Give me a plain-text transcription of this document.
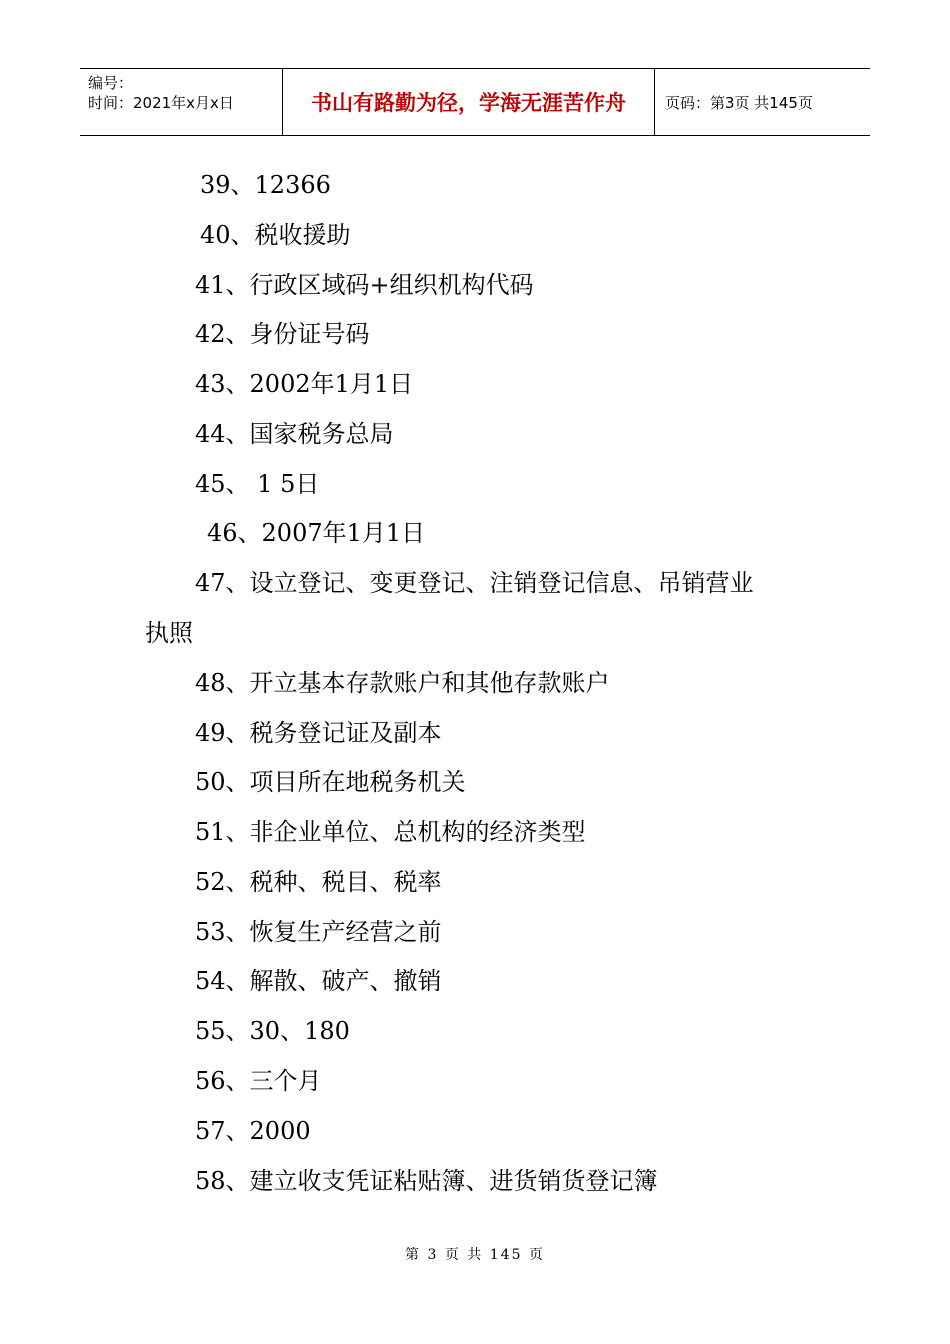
编号：
时间：2021年x月x日	书山有路勤为径，学海无涯苦作舟	页码：第3页 共145页
39、12366
40、税收援助
41、行政区域码+组织机构代码
42、身份证号码
43、2002年1月1日
44、国家税务总局
45、 1 5日
46、2007年1月1日
47、设立登记、变更登记、注销登记信息、吊销营业
执照
48、开立基本存款账户和其他存款账户
49、税务登记证及副本
50、项目所在地税务机关
51、非企业单位、总机构的经济类型
52、税种、税目、税率
53、恢复生产经营之前
54、解散、破产、撤销
55、30、180
56、三个月
57、2000
58、建立收支凭证粘贴簿、进货销货登记簿
第 3 页 共 145 页
